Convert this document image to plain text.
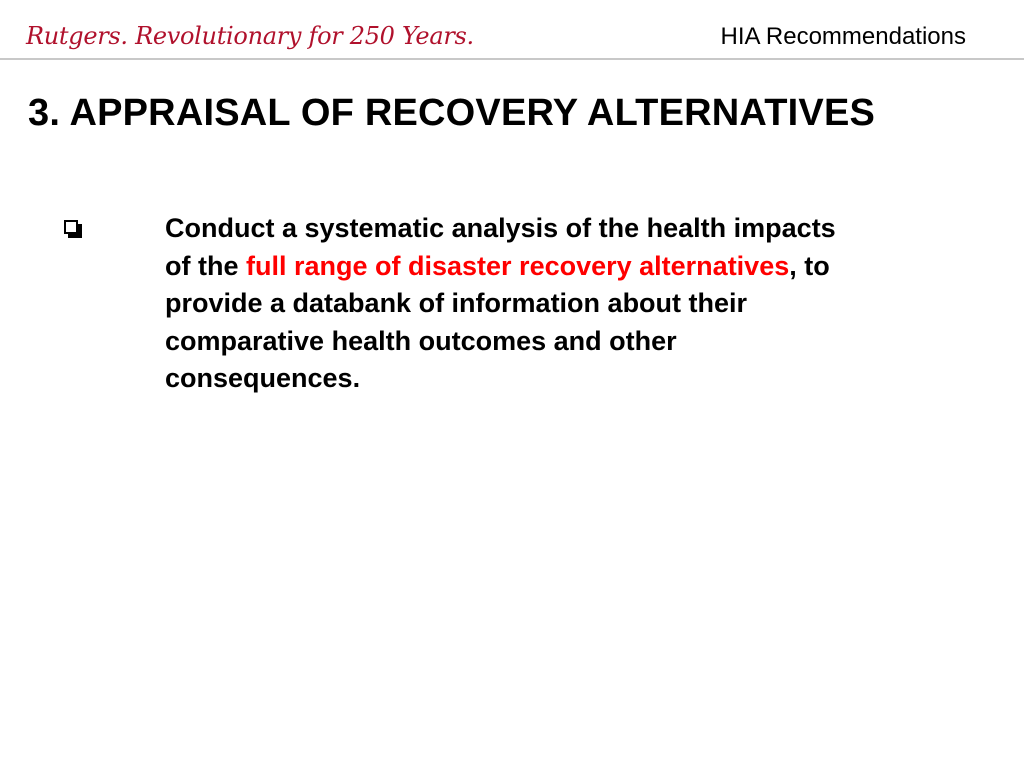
Rutgers. Revolutionary for 250 Years.	HIA Recommendations
3. APPRAISAL OF RECOVERY ALTERNATIVES
Conduct a systematic analysis of the health impacts
of the full range of disaster recovery alternatives, to
provide a databank of information about their
comparative health outcomes and other
consequences.
